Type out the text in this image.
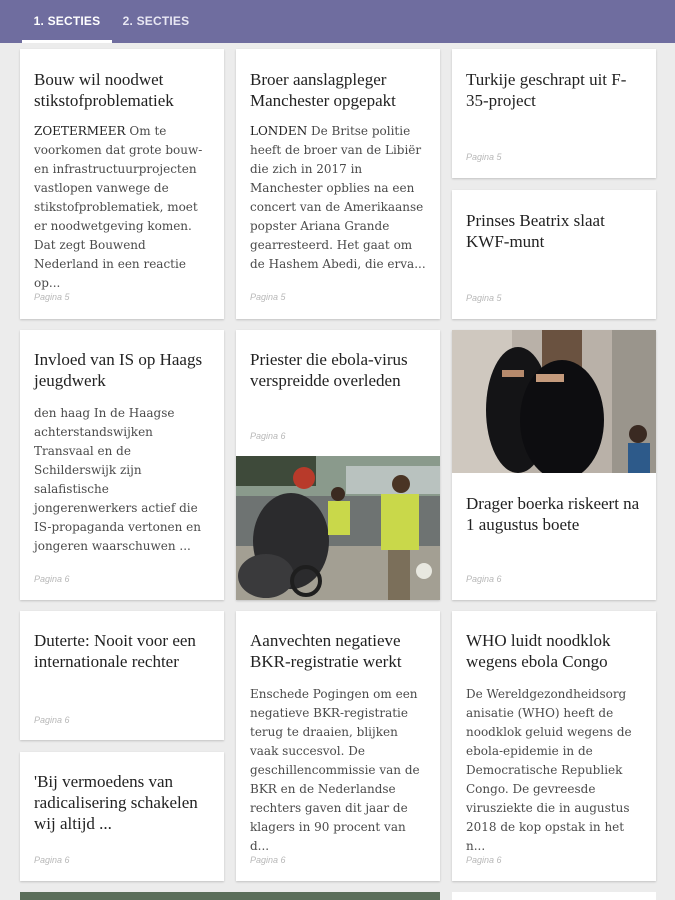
1. SECTIES	2. SECTIES
Bouw wil noodwet stikstofproblematiek
ZOETERMEER Om te voorkomen dat grote bouw- en infrastructuurprojecten vastlopen vanwege de stikstofproblematiek, moet er noodwetgeving komen. Dat zegt Bouwend Nederland in een reactie op...
Pagina 5
Broer aanslagpleger Manchester opgepakt
LONDEN De Britse politie heeft de broer van de Libiër die zich in 2017 in Manchester opblies na een concert van de Amerikaanse popster Ariana Grande gearresteerd. Het gaat om de Hashem Abedi, die erva...
Pagina 5
Turkije geschrapt uit F-35-project
Pagina 5
Prinses Beatrix slaat KWF-munt
Pagina 5
Invloed van IS op Haags jeugdwerk
den haag In de Haagse achterstandswijken Transvaal en de Schilderswijk zijn salafistische jongerenwerkers actief die IS-propaganda vertonen en jongeren waarschuwen ...
Pagina 6
Priester die ebola-virus verspreidde overleden
Pagina 6
Drager boerka riskeert na 1 augustus boete
Pagina 6
Duterte: Nooit voor een internationale rechter
Pagina 6
'Bij vermoedens van radicalisering schakelen wij altijd ...
Pagina 6
Aanvechten negatieve BKR-registratie werkt
Enschede Pogingen om een negatieve BKR-registratie terug te draaien, blijken vaak succesvol. De geschillencommissie van de BKR en de Nederlandse rechters gaven dit jaar de klagers in 90 procent van d...
Pagina 6
WHO luidt noodklok wegens ebola Congo
De Wereldgezondheidsorg anisatie (WHO) heeft de noodklok geluid wegens de ebola-epidemie in de Democratische Republiek Congo. De gevreesde virusziekte die in augustus 2018 de kop opstak in het n...
Pagina 6
